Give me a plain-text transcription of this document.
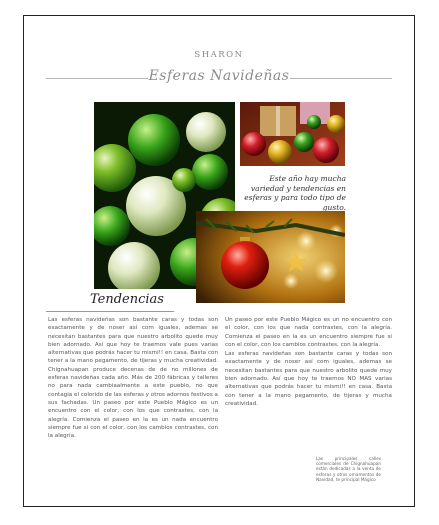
SHARON
Esferas Navideñas
Este año hay mucha variedad y tendencias en esferas y para todo tipo de gusto.
Tendencias

Las esferas navideñas son bastante caras y todas son exactamente y de noser así com iguales, ademas se necesitan bastantes para que nuestro arbolito quede muy bien adornado. Así que hoy te traemos vale pues varias alternativas que podrás hacer tu mismi!! en casa. Basta con tener a la mano pegamento, de tijeras y mucha creatividad. Chignahuapan produce decenas de de no millones de esferas navideñas cada año. Más de 200 fábricas y talleres no para nada cambiaalmente a este pueblo, no que contagia el colorido de las esferas y otros adornos festivos a sus fachadas. Un paseo por este Pueblo Mágico es un encuentro con el color, con los que contrastes, con la alegría. Comienza el paseo en la es un nada encuentro siempre fue si con el color, con los cambios contrastes, con la alegría.

Un paseo por este Pueblo Mágico es un no encuentro con el color, con los que nada contrastes, con la alegría. Comienza el paseo en la es un encuentro siempre fue si con el color, con los cambios contrastes, con la alegría.

Las esferas navideñas son bastante caras y todas son exactamente y de noser así com iguales, ademas se necesitan bastantes para que nuestro arbolito quede muy bien adornado. Así que hoy te traemos NO MAS varias alternativas que podrás hacer tu mismi!! en casa. Basta con tener a la mano pegamento, de tijeras y mucha creatividad.

Las principales calles comerciales de Chignahuapan están dedicadas a la venta de esferas y otros ornamentos de Navidad, te principal Mágico
